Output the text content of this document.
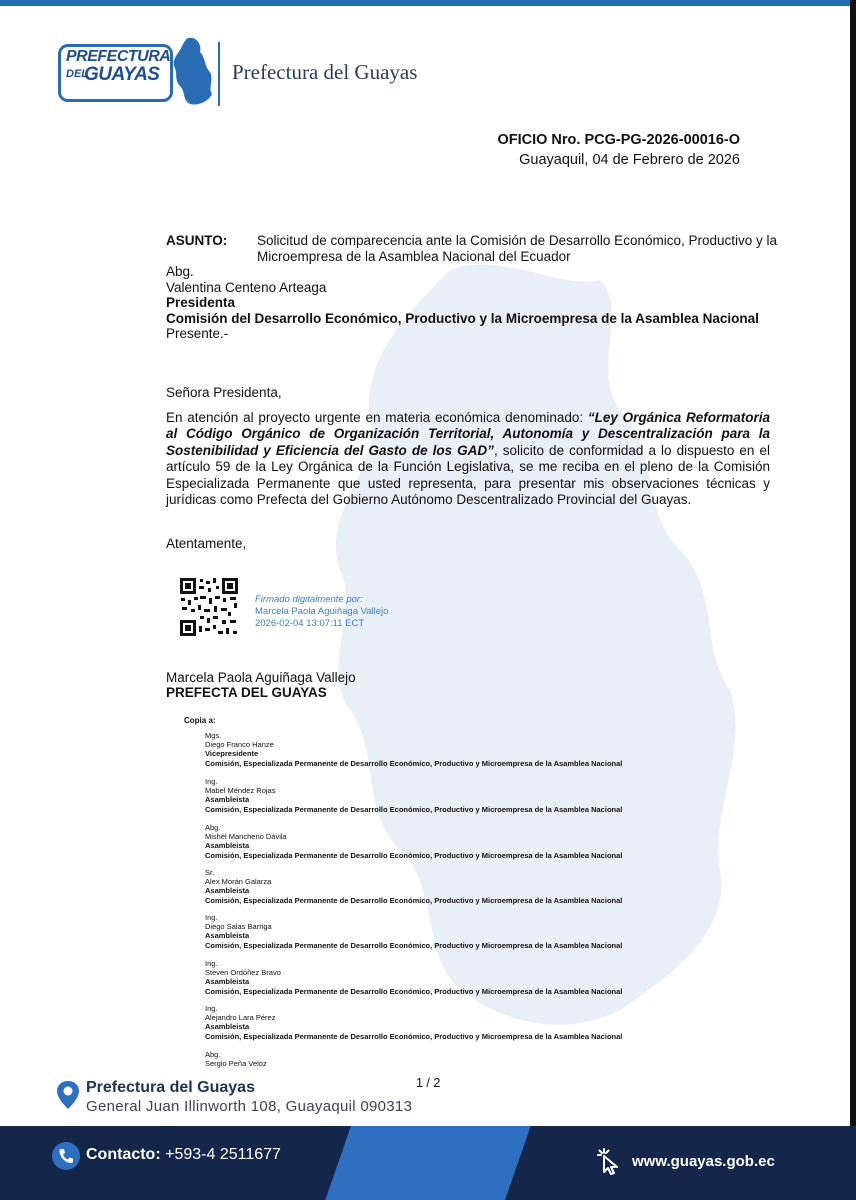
PREFECTURA
DEL
GUAYAS	Prefectura del Guayas
OFICIO Nro. PCG-PG-2026-00016-O
Guayaquil, 04 de Febrero de 2026
ASUNTO: Solicitud de comparecencia ante la Comisión de Desarrollo Económico, Productivo y la
Microempresa de la Asamblea Nacional del Ecuador
Abg.
Valentina Centeno Arteaga
Presidenta
Comisión del Desarrollo Económico, Productivo y la Microempresa de la Asamblea Nacional
Presente.-
Señora Presidenta,
En atención al proyecto urgente en materia económica denominado: “Ley Orgánica Reformatoria al Código Orgánico de Organización Territorial, Autonomía y Descentralización para la Sostenibilidad y Eficiencia del Gasto de los GAD”, solicito de conformidad a lo dispuesto en el artículo 59 de la Ley Orgánica de la Función Legislativa, se me reciba en el pleno de la Comisión Especializada Permanente que usted representa, para presentar mis observaciones técnicas y jurídicas como Prefecta del Gobierno Autónomo Descentralizado Provincial del Guayas.
Atentamente,
Firmado digitalmente por:
Marcela Paola Aguiñaga Vallejo
2026-02-04 13:07:11 ECT
Marcela Paola Aguiñaga Vallejo
PREFECTA DEL GUAYAS
Copia a:
Mgs.
Diego Franco Hanze
Vicepresidente
Comisión, Especializada Permanente de Desarrollo Económico, Productivo y Microempresa de la Asamblea Nacional
Ing.
Mabel Méndez Rojas
Asambleista
Comisión, Especializada Permanente de Desarrollo Económico, Productivo y Microempresa de la Asamblea Nacional
Abg.
Mishel Mancheno Dávila
Asambleista
Comisión, Especializada Permanente de Desarrollo Económico, Productivo y Microempresa de la Asamblea Nacional
Sr.
Alex Morán Galarza
Asambleista
Comisión, Especializada Permanente de Desarrollo Económico, Productivo y Microempresa de la Asamblea Nacional
Ing.
Diego Salas Barriga
Asambleista
Comisión, Especializada Permanente de Desarrollo Económico, Productivo y Microempresa de la Asamblea Nacional
Ing.
Steven Ordóñez Bravo
Asambleista
Comisión, Especializada Permanente de Desarrollo Económico, Productivo y Microempresa de la Asamblea Nacional
Ing.
Alejandro Lara Pérez
Asambleista
Comisión, Especializada Permanente de Desarrollo Económico, Productivo y Microempresa de la Asamblea Nacional
Abg.
Sergio Peña Veloz
1 / 2
Prefectura del Guayas
General Juan Illinworth 108, Guayaquil 090313
Contacto: +593-4 2511677	www.guayas.gob.ec
